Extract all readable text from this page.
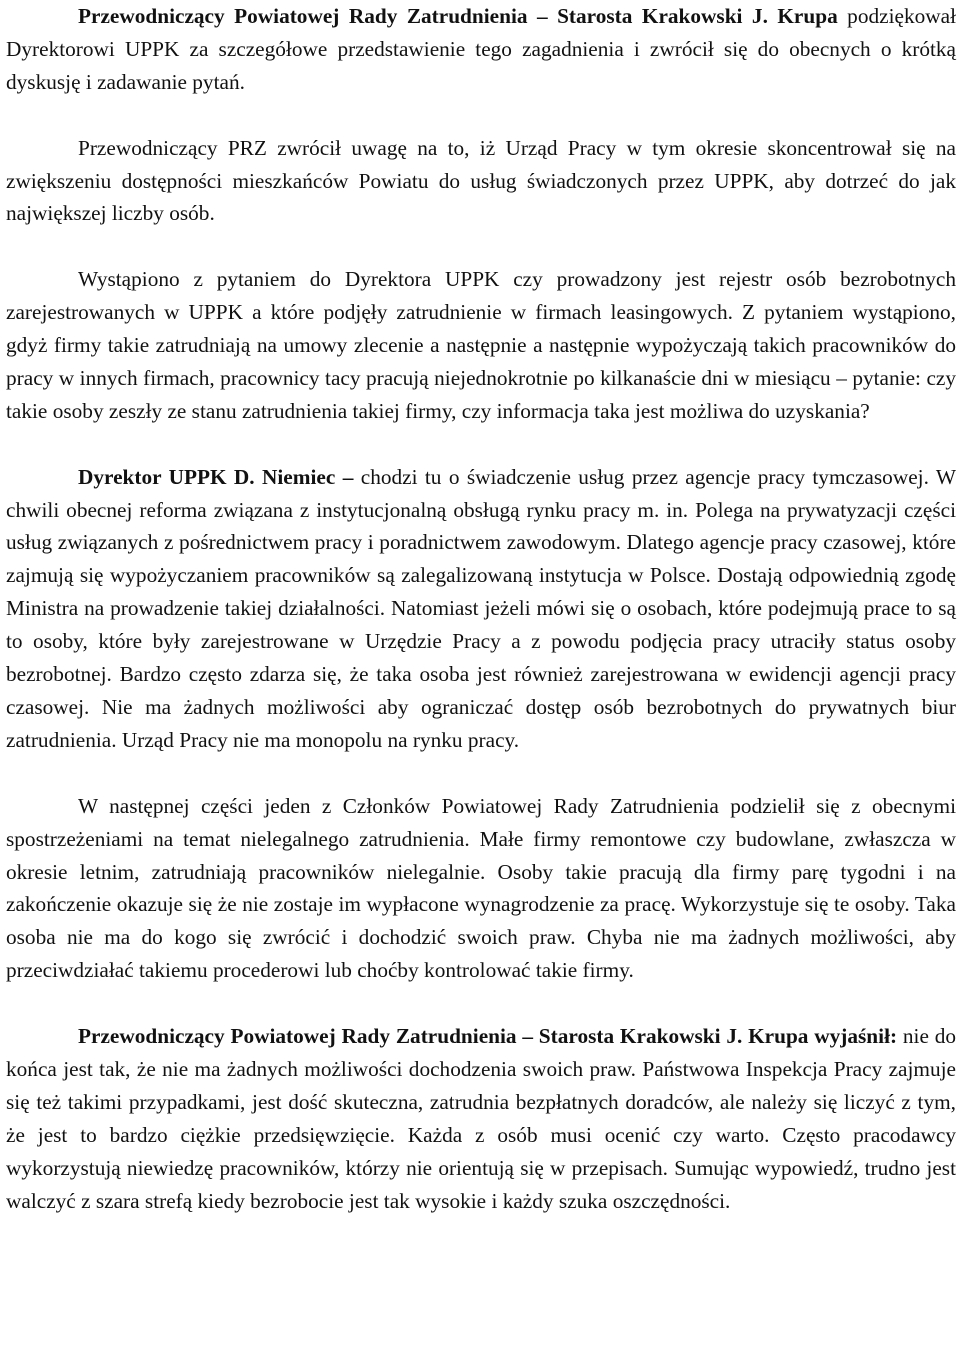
Przewodniczący Powiatowej Rady Zatrudnienia – Starosta Krakowski J. Krupa podziękował Dyrektorowi UPPK za szczegółowe przedstawienie tego zagadnienia i zwrócił się do obecnych o krótką dyskusję i zadawanie pytań.

Przewodniczący PRZ zwrócił uwagę na to, iż Urząd Pracy w tym okresie skoncentrował się na zwiększeniu dostępności mieszkańców Powiatu do usług świadczonych przez UPPK, aby dotrzeć do jak największej liczby osób.

Wystąpiono z pytaniem do Dyrektora UPPK czy prowadzony jest rejestr osób bezrobotnych zarejestrowanych w UPPK a które podjęły zatrudnienie w firmach leasingowych. Z pytaniem wystąpiono, gdyż firmy takie zatrudniają na umowy zlecenie a następnie a następnie wypożyczają takich pracowników do pracy w innych firmach, pracownicy tacy pracują niejednokrotnie po kilkanaście dni w miesiącu – pytanie: czy takie osoby zeszły ze stanu zatrudnienia takiej firmy, czy informacja taka jest możliwa do uzyskania?

Dyrektor UPPK D. Niemiec – chodzi tu o świadczenie usług przez agencje pracy tymczasowej. W chwili obecnej reforma związana z instytucjonalną obsługą rynku pracy m. in. Polega na prywatyzacji części usług związanych z pośrednictwem pracy i poradnictwem zawodowym. Dlatego agencje pracy czasowej, które zajmują się wypożyczaniem pracowników są zalegalizowaną instytucja w Polsce. Dostają odpowiednią zgodę Ministra na prowadzenie takiej działalności. Natomiast jeżeli mówi się o osobach, które podejmują prace to są to osoby, które były zarejestrowane w Urzędzie Pracy a z powodu podjęcia pracy utraciły status osoby bezrobotnej. Bardzo często zdarza się, że taka osoba jest również zarejestrowana w ewidencji agencji pracy czasowej. Nie ma żadnych możliwości aby ograniczać dostęp osób bezrobotnych do prywatnych biur zatrudnienia. Urząd Pracy nie ma monopolu na rynku pracy.

W następnej części jeden z Członków Powiatowej Rady Zatrudnienia podzielił się z obecnymi spostrzeżeniami na temat nielegalnego zatrudnienia. Małe firmy remontowe czy budowlane, zwłaszcza w okresie letnim, zatrudniają pracowników nielegalnie. Osoby takie pracują dla firmy parę tygodni i na zakończenie okazuje się że nie zostaje im wypłacone wynagrodzenie za pracę. Wykorzystuje się te osoby. Taka osoba nie ma do kogo się zwrócić i dochodzić swoich praw. Chyba nie ma żadnych możliwości, aby przeciwdziałać takiemu procederowi lub choćby kontrolować takie firmy.

Przewodniczący Powiatowej Rady Zatrudnienia – Starosta Krakowski J. Krupa wyjaśnił: nie do końca jest tak, że nie ma żadnych możliwości dochodzenia swoich praw. Państwowa Inspekcja Pracy zajmuje się też takimi przypadkami, jest dość skuteczna, zatrudnia bezpłatnych doradców, ale należy się liczyć z tym, że jest to bardzo ciężkie przedsięwzięcie. Każda z osób musi ocenić czy warto. Często pracodawcy wykorzystują niewiedzę pracowników, którzy nie orientują się w przepisach. Sumując wypowiedź, trudno jest walczyć z szara strefą kiedy bezrobocie jest tak wysokie i każdy szuka oszczędności.
